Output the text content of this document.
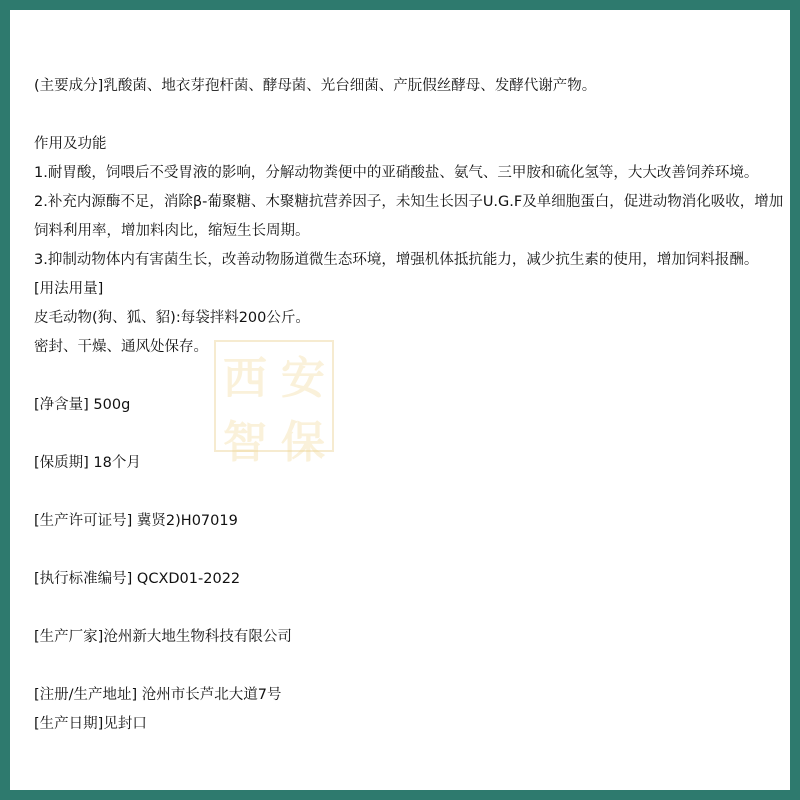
西 安
智 保
(主要成分]乳酸菌、地衣芽孢杆菌、酵母菌、光台细菌、产朊假丝酵母、发酵代谢产物。
作用及功能
1.耐胃酸，饲喂后不受胃液的影响，分解动物粪便中的亚硝酸盐、氨气、三甲胺和硫化氢等，大大改善饲养环境。
2.补充内源酶不足，消除β-葡聚糖、木聚糖抗营养因子，未知生长因子U.G.F及单细胞蛋白，促进动物消化吸收，增加饲料利用率，增加料肉比，缩短生长周期。
3.抑制动物体内有害菌生长，改善动物肠道微生态环境，增强机体抵抗能力，减少抗生素的使用，增加饲料报酬。
[用法用量]
皮毛动物(狗、狐、貂):每袋拌料200公斤。
密封、干燥、通风处保存。
[净含量] 500g
[保质期] 18个月
[生产许可证号] 冀贤2)H07019
[执行标准编号] QCXD01-2022
[生产厂家]沧州新大地生物科技有限公司
[注册/生产地址] 沧州市长芦北大道7号
[生产日期]见封口
